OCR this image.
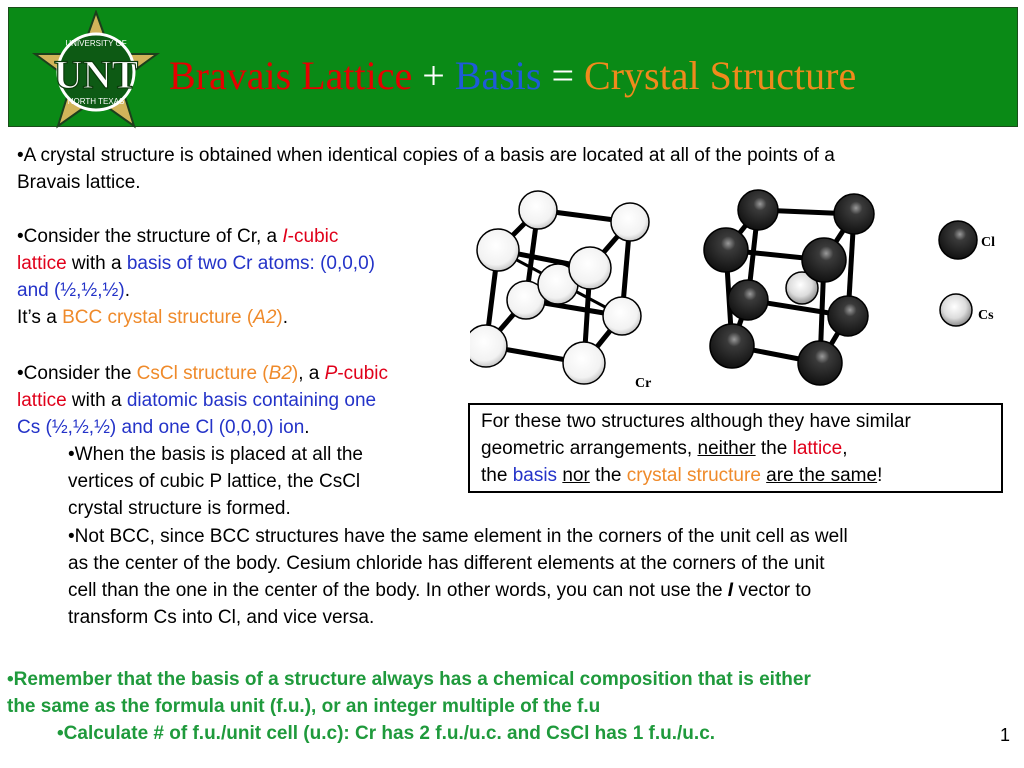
UNT
UNIVERSITY OF
NORTH TEXAS
Bravais Lattice + Basis = Crystal Structure
•A crystal structure is obtained when identical copies of a basis are located at all of the points of a
Bravais lattice.
•Consider the structure of Cr, a I-cubic
lattice with a basis of two Cr atoms: (0,0,0)
and (½,½,½).
It’s a BCC crystal structure (A2).
•Consider the CsCl structure (B2), a P-cubic
lattice with a diatomic basis containing one
Cs (½,½,½) and one Cl (0,0,0) ion.
•When the basis is placed at all the
vertices of cubic P lattice, the CsCl
crystal structure is formed.
•Not BCC, since BCC structures have the same element in the corners of the unit cell as well
as the center of the body. Cesium chloride has different elements at the corners of the unit
cell than the one in the center of the body. In other words, you can not use the I vector to
transform Cs into Cl, and vice versa.
Cr
Cl
Cs
For these two structures although they have similar
geometric arrangements, neither the lattice,
the basis nor the crystal structure are the same!
•Remember that the basis of a structure always has a chemical composition that is either
the same as the formula unit (f.u.), or an integer multiple of the f.u
•Calculate # of f.u./unit cell (u.c): Cr has 2 f.u./u.c. and CsCl has 1 f.u./u.c.	1
